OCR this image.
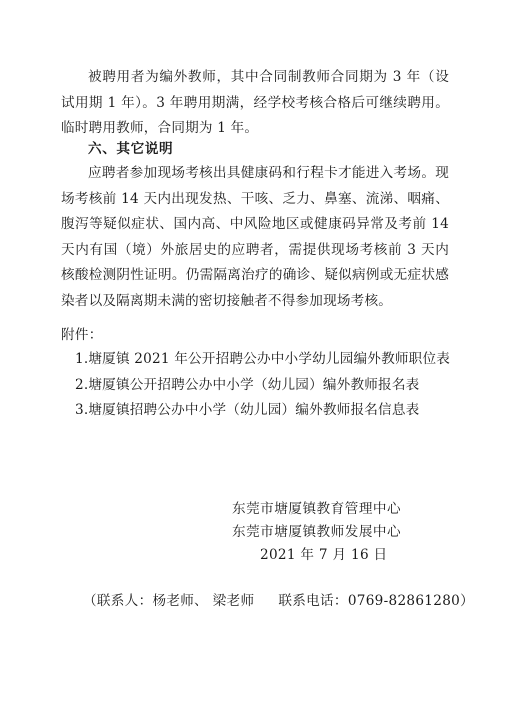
被聘用者为编外教师，其中合同制教师合同期为 3 年（设试用期 1 年）。3 年聘用期满，经学校考核合格后可继续聘用。临时聘用教师，合同期为 1 年。
六、其它说明
应聘者参加现场考核出具健康码和行程卡才能进入考场。现场考核前 14 天内出现发热、干咳、乏力、鼻塞、流涕、咽痛、腹泻等疑似症状、国内高、中风险地区或健康码异常及考前 14 天内有国（境）外旅居史的应聘者，需提供现场考核前 3 天内核酸检测阴性证明。仍需隔离治疗的确诊、疑似病例或无症状感染者以及隔离期未满的密切接触者不得参加现场考核。
附件：
1.塘厦镇 2021 年公开招聘公办中小学幼儿园编外教师职位表
2.塘厦镇公开招聘公办中小学（幼儿园）编外教师报名表
3.塘厦镇招聘公办中小学（幼儿园）编外教师报名信息表
东莞市塘厦镇教育管理中心
东莞市塘厦镇教师发展中心
2021 年 7 月 16 日
（联系人：杨老师、 梁老师 联系电话：0769-82861280）
